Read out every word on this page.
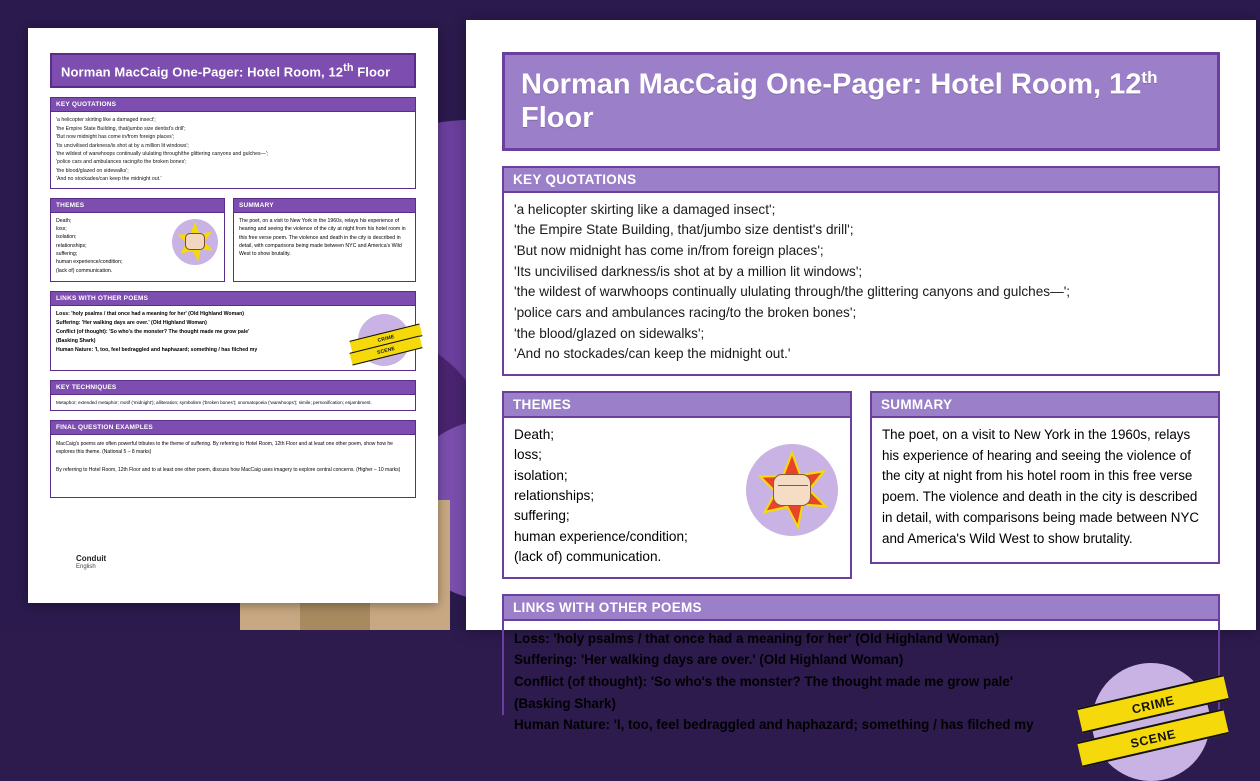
Norman MacCaig One-Pager: Hotel Room, 12th Floor
KEY QUOTATIONS
'a helicopter skirting like a damaged insect';
'the Empire State Building, that/jumbo size dentist's drill';
'But now midnight has come in/from foreign places';
'Its uncivilised darkness/is shot at by a million lit windows';
'the wildest of warwhoops continually ululating through/the glittering canyons and gulches—';
'police cars and ambulances racing/to the broken bones';
'the blood/glazed on sidewalks';
'And no stockades/can keep the midnight out.'
THEMES
Death;
loss;
isolation;
relationships;
suffering;
human experience/condition;
(lack of) communication.
SUMMARY
The poet, on a visit to New York in the 1960s, relays his experience of hearing and seeing the violence of the city at night from his hotel room in this free verse poem. The violence and death in the city is described in detail, with comparisons being made between NYC and America's Wild West to show brutality.
LINKS WITH OTHER POEMS
Loss: 'holy psalms / that once had a meaning for her' (Old Highland Woman)
Suffering: 'Her walking days are over.' (Old Highland Woman)
Conflict (of thought): 'So who's the monster? The thought made me grow pale'
(Basking Shark)
Human Nature: 'I, too, feel bedraggled and haphazard; something / has filched my
CRIME
SCENE
KEY TECHNIQUES
Metaphor; extended metaphor; motif ('midnight'); alliteration; symbolism ('broken bones'); onomatopoeia ('warwhoops'); simile; personification; enjambment.
FINAL QUESTION EXAMPLES

MacCaig's poems are often powerful tributes to the theme of suffering. By referring to Hotel Room, 12th Floor and at least one other poem, show how he explores this theme. (National 5 – 8 marks)

By referring to Hotel Room, 12th Floor and to at least one other poem, discuss how MacCaig uses imagery to explore central concerns. (Higher – 10 marks)

Conduit
English
Norman MacCaig One-Pager: Hotel Room, 12th Floor
KEY QUOTATIONS
'a helicopter skirting like a damaged insect';
'the Empire State Building, that/jumbo size dentist's drill';
'But now midnight has come in/from foreign places';
'Its uncivilised darkness/is shot at by a million lit windows';
'the wildest of warwhoops continually ululating through/the glittering canyons and gulches—';
'police cars and ambulances racing/to the broken bones';
'the blood/glazed on sidewalks';
'And no stockades/can keep the midnight out.'
THEMES
Death;
loss;
isolation;
relationships;
suffering;
human experience/condition;
(lack of) communication.
SUMMARY
The poet, on a visit to New York in the 1960s, relays his experience of hearing and seeing the violence of the city at night from his hotel room in this free verse poem. The violence and death in the city is described in detail, with comparisons being made between NYC and America's Wild West to show brutality.
LINKS WITH OTHER POEMS
Loss: 'holy psalms / that once had a meaning for her' (Old Highland Woman)
Suffering: 'Her walking days are over.' (Old Highland Woman)
Conflict (of thought): 'So who's the monster? The thought made me grow pale'
(Basking Shark)
Human Nature: 'I, too, feel bedraggled and haphazard; something / has filched my
CRIME
SCENE
